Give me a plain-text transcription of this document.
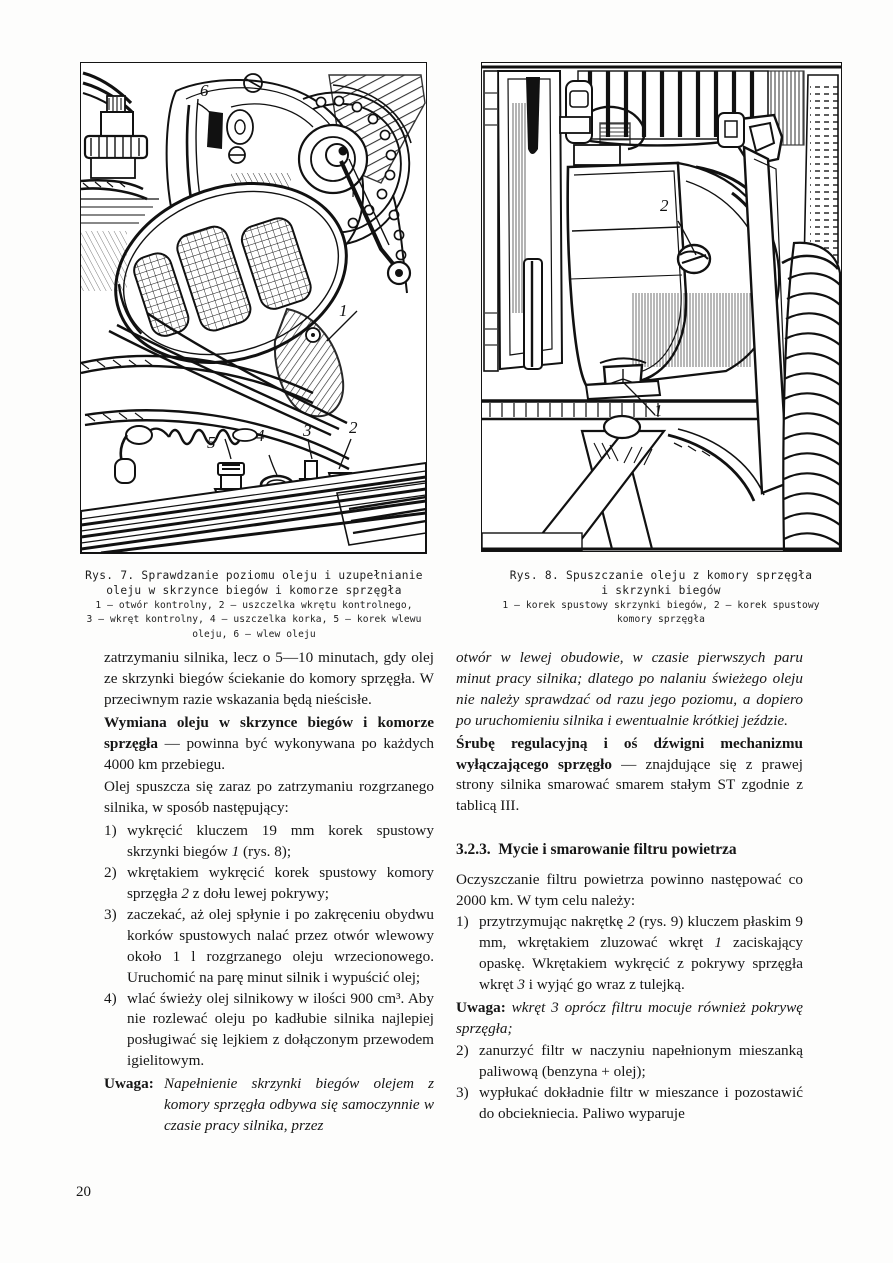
6
1
5 4 3 2
2
1
Rys. 7. Sprawdzanie poziomu oleju i uzupełnianie
oleju w skrzynce biegów i komorze sprzęgła
1 — otwór kontrolny, 2 — uszczelka wkrętu kontrolnego,
3 — wkręt kontrolny, 4 — uszczelka korka, 5 — korek wlewu
oleju, 6 — wlew oleju
Rys. 8. Spuszczanie oleju z komory sprzęgła
i skrzynki biegów
1 — korek spustowy skrzynki biegów, 2 — korek spustowy
komory sprzęgła

zatrzymaniu silnika, lecz o 5—10 minutach, gdy olej ze skrzynki biegów ściekanie do komory sprzęgła. W przeciwnym razie wskazania będą nieścisłe.

Wymiana oleju w skrzynce biegów i komorze sprzęgła — powinna być wykonywana po każdych 4000 km przebiegu.

Olej spuszcza się zaraz po zatrzymaniu rozgrzanego silnika, w sposób następujący:

1) wykręcić kluczem 19 mm korek spustowy skrzynki biegów 1 (rys. 8);

2) wkrętakiem wykręcić korek spustowy komory sprzęgła 2 z dołu lewej pokrywy;

3) zaczekać, aż olej spłynie i po zakręceniu obydwu korków spustowych nalać przez otwór wlewowy około 1 l rozgrzanego oleju wrzecionowego. Uruchomić na parę minut silnik i wypuścić olej;

4) wlać świeży olej silnikowy w ilości 900 cm³. Aby nie rozlewać oleju po kadłubie silnika najlepiej posługiwać się lejkiem z dołączonym przewodem igielitowym.

Uwaga: Napełnienie skrzynki biegów olejem z komory sprzęgła odbywa się samoczynnie w czasie pracy silnika, przez

otwór w lewej obudowie, w czasie pierwszych paru minut pracy silnika; dlatego po nalaniu świeżego oleju nie należy sprawdzać od razu jego poziomu, a dopiero po uruchomieniu silnika i ewentualnie krótkiej jeździe.

Śrubę regulacyjną i oś dźwigni mechanizmu wyłączającego sprzęgło — znajdujące się z prawej strony silnika smarować smarem stałym ST zgodnie z tablicą III.

3.2.3. Mycie i smarowanie filtru powietrza

Oczyszczanie filtru powietrza powinno następować co 2000 km. W tym celu należy:

1) przytrzymując nakrętkę 2 (rys. 9) kluczem płaskim 9 mm, wkrętakiem zluzować wkręt 1 zaciskający opaskę. Wkrętakiem wykręcić z pokrywy sprzęgła wkręt 3 i wyjąć go wraz z tulejką.

Uwaga: wkręt 3 oprócz filtru mocuje również pokrywę sprzęgła;

2) zanurzyć filtr w naczyniu napełnionym mieszanką paliwową (benzyna + olej);

3) wypłukać dokładnie filtr w mieszance i pozostawić do obciekniecia. Paliwo wyparuje

20
